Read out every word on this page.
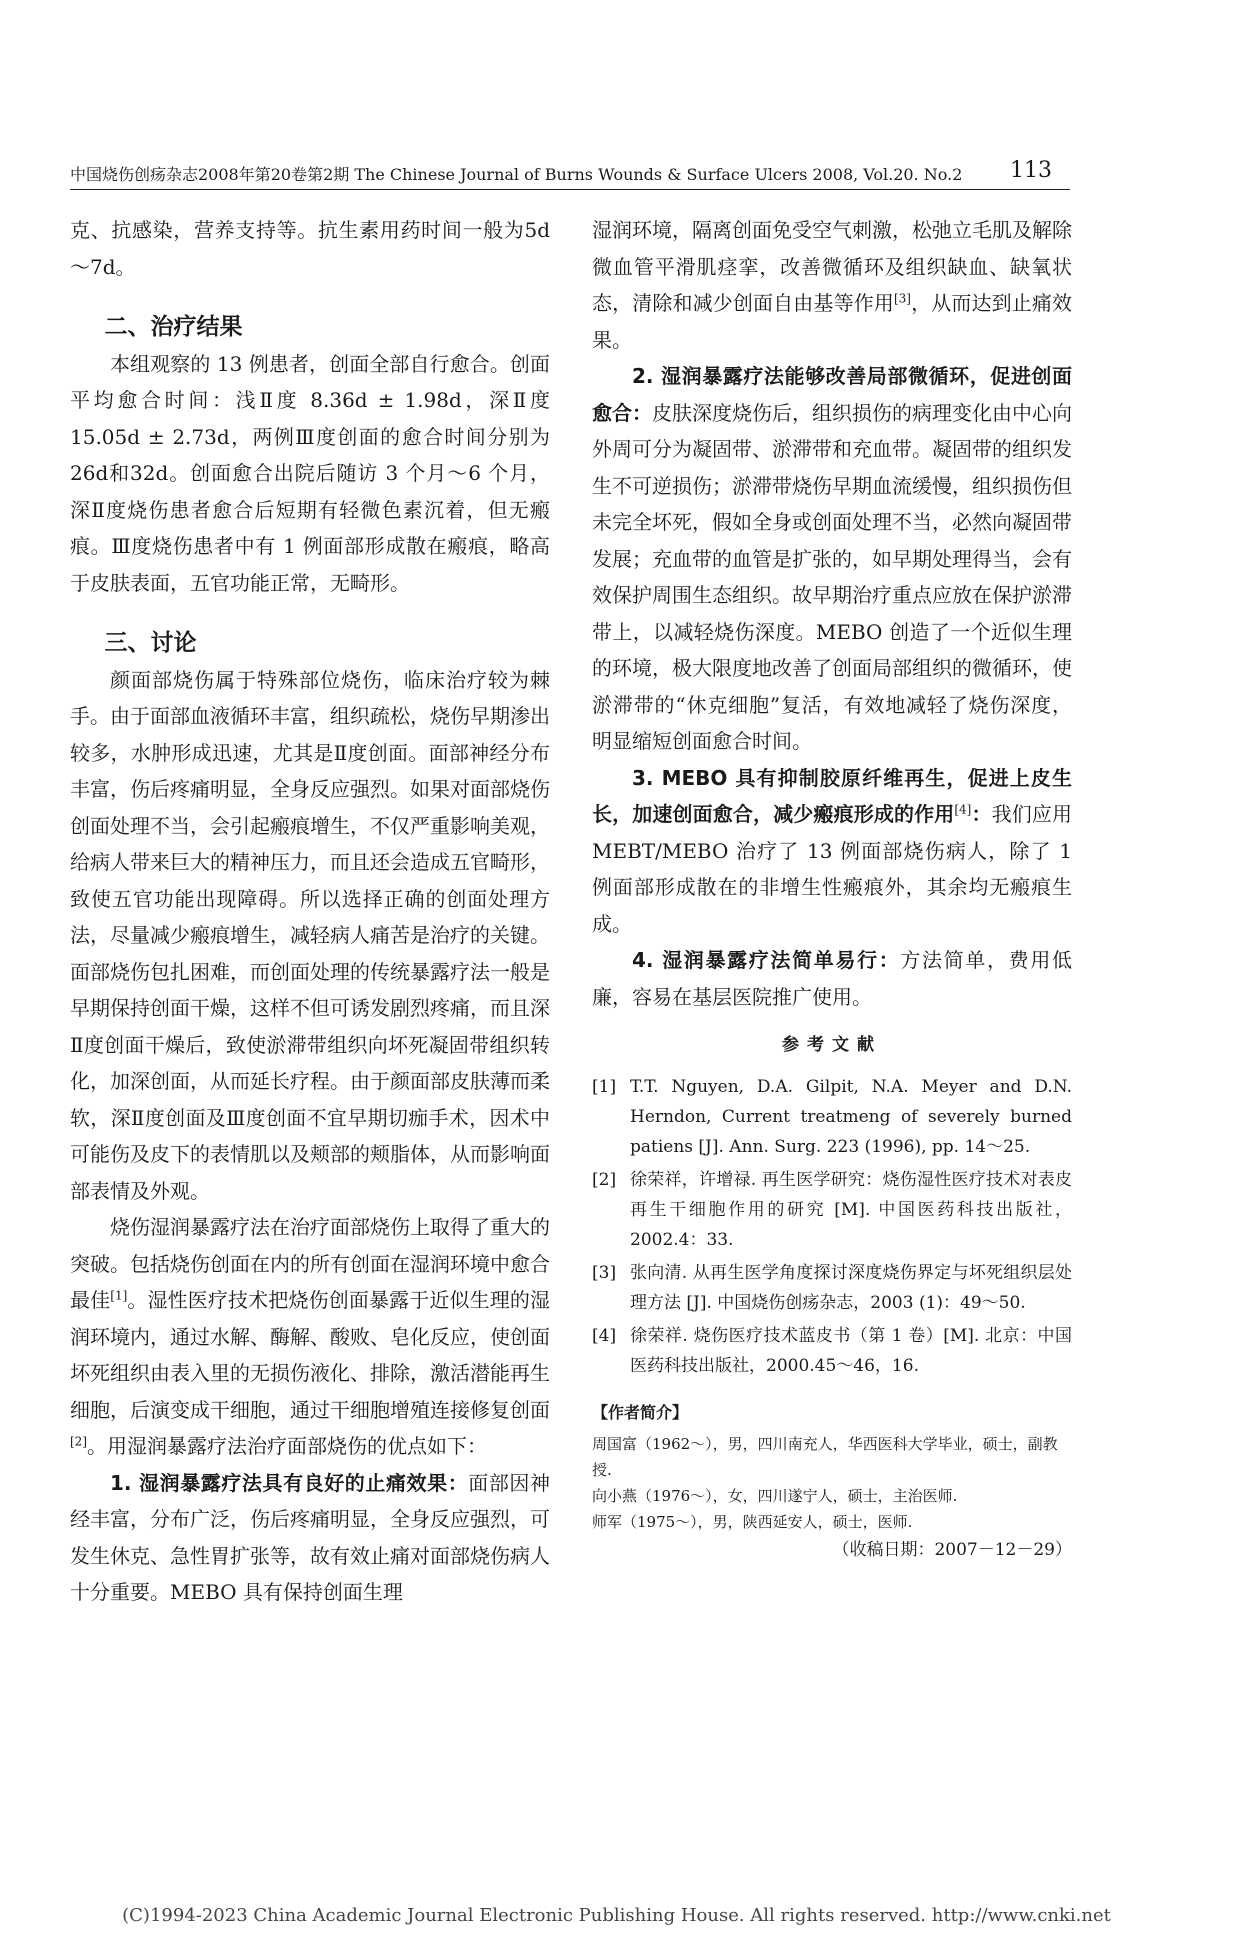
中国烧伤创疡杂志2008年第20卷第2期 The Chinese Journal of Burns Wounds & Surface Ulcers 2008, Vol.20. No.2	113

克、抗感染，营养支持等。抗生素用药时间一般为5d～7d。

二、治疗结果

本组观察的 13 例患者，创面全部自行愈合。创面平均愈合时间：浅Ⅱ度 8.36d ± 1.98d，深Ⅱ度 15.05d ± 2.73d，两例Ⅲ度创面的愈合时间分别为26d和32d。创面愈合出院后随访 3 个月～6 个月，深Ⅱ度烧伤患者愈合后短期有轻微色素沉着，但无瘢痕。Ⅲ度烧伤患者中有 1 例面部形成散在瘢痕，略高于皮肤表面，五官功能正常，无畸形。

三、讨论

颜面部烧伤属于特殊部位烧伤，临床治疗较为棘手。由于面部血液循环丰富，组织疏松，烧伤早期渗出较多，水肿形成迅速，尤其是Ⅱ度创面。面部神经分布丰富，伤后疼痛明显，全身反应强烈。如果对面部烧伤创面处理不当，会引起瘢痕增生，不仅严重影响美观，给病人带来巨大的精神压力，而且还会造成五官畸形，致使五官功能出现障碍。所以选择正确的创面处理方法，尽量减少瘢痕增生，减轻病人痛苦是治疗的关键。面部烧伤包扎困难，而创面处理的传统暴露疗法一般是早期保持创面干燥，这样不但可诱发剧烈疼痛，而且深Ⅱ度创面干燥后，致使淤滞带组织向坏死凝固带组织转化，加深创面，从而延长疗程。由于颜面部皮肤薄而柔软，深Ⅱ度创面及Ⅲ度创面不宜早期切痂手术，因术中可能伤及皮下的表情肌以及颊部的颊脂体，从而影响面部表情及外观。

烧伤湿润暴露疗法在治疗面部烧伤上取得了重大的突破。包括烧伤创面在内的所有创面在湿润环境中愈合最佳[1]。湿性医疗技术把烧伤创面暴露于近似生理的湿润环境内，通过水解、酶解、酸败、皂化反应，使创面坏死组织由表入里的无损伤液化、排除，激活潜能再生细胞，后演变成干细胞，通过干细胞增殖连接修复创面[2]。用湿润暴露疗法治疗面部烧伤的优点如下：

1. 湿润暴露疗法具有良好的止痛效果：面部因神经丰富，分布广泛，伤后疼痛明显，全身反应强烈，可发生休克、急性胃扩张等，故有效止痛对面部烧伤病人十分重要。MEBO 具有保持创面生理

湿润环境，隔离创面免受空气刺激，松弛立毛肌及解除微血管平滑肌痉挛，改善微循环及组织缺血、缺氧状态，清除和减少创面自由基等作用[3]，从而达到止痛效果。

2. 湿润暴露疗法能够改善局部微循环，促进创面愈合：皮肤深度烧伤后，组织损伤的病理变化由中心向外周可分为凝固带、淤滞带和充血带。凝固带的组织发生不可逆损伤；淤滞带烧伤早期血流缓慢，组织损伤但未完全坏死，假如全身或创面处理不当，必然向凝固带发展；充血带的血管是扩张的，如早期处理得当，会有效保护周围生态组织。故早期治疗重点应放在保护淤滞带上，以减轻烧伤深度。MEBO 创造了一个近似生理的环境，极大限度地改善了创面局部组织的微循环，使淤滞带的“休克细胞”复活，有效地减轻了烧伤深度，明显缩短创面愈合时间。

3. MEBO 具有抑制胶原纤维再生，促进上皮生长，加速创面愈合，减少瘢痕形成的作用[4]：我们应用 MEBT/MEBO 治疗了 13 例面部烧伤病人，除了 1 例面部形成散在的非增生性瘢痕外，其余均无瘢痕生成。

4. 湿润暴露疗法简单易行：方法简单，费用低廉，容易在基层医院推广使用。

参考文献
[1] T.T. Nguyen, D.A. Gilpit, N.A. Meyer and D.N. Herndon, Current treatmeng of severely burned patiens [J]. Ann. Surg. 223 (1996), pp. 14～25.
[2] 徐荣祥，许增禄. 再生医学研究：烧伤湿性医疗技术对表皮再生干细胞作用的研究 [M]. 中国医药科技出版社，2002.4：33.
[3] 张向清. 从再生医学角度探讨深度烧伤界定与坏死组织层处理方法 [J]. 中国烧伤创疡杂志，2003 (1)：49～50.
[4] 徐荣祥. 烧伤医疗技术蓝皮书（第 1 卷）[M]. 北京：中国医药科技出版社，2000.45～46，16.
【作者简介】
周国富（1962～），男，四川南充人，华西医科大学毕业，硕士，副教授.
向小燕（1976～），女，四川遂宁人，硕士，主治医师.
师军（1975～），男，陕西延安人，硕士，医师.
（收稿日期：2007－12－29）
(C)1994-2023 China Academic Journal Electronic Publishing House. All rights reserved. http://www.cnki.net
